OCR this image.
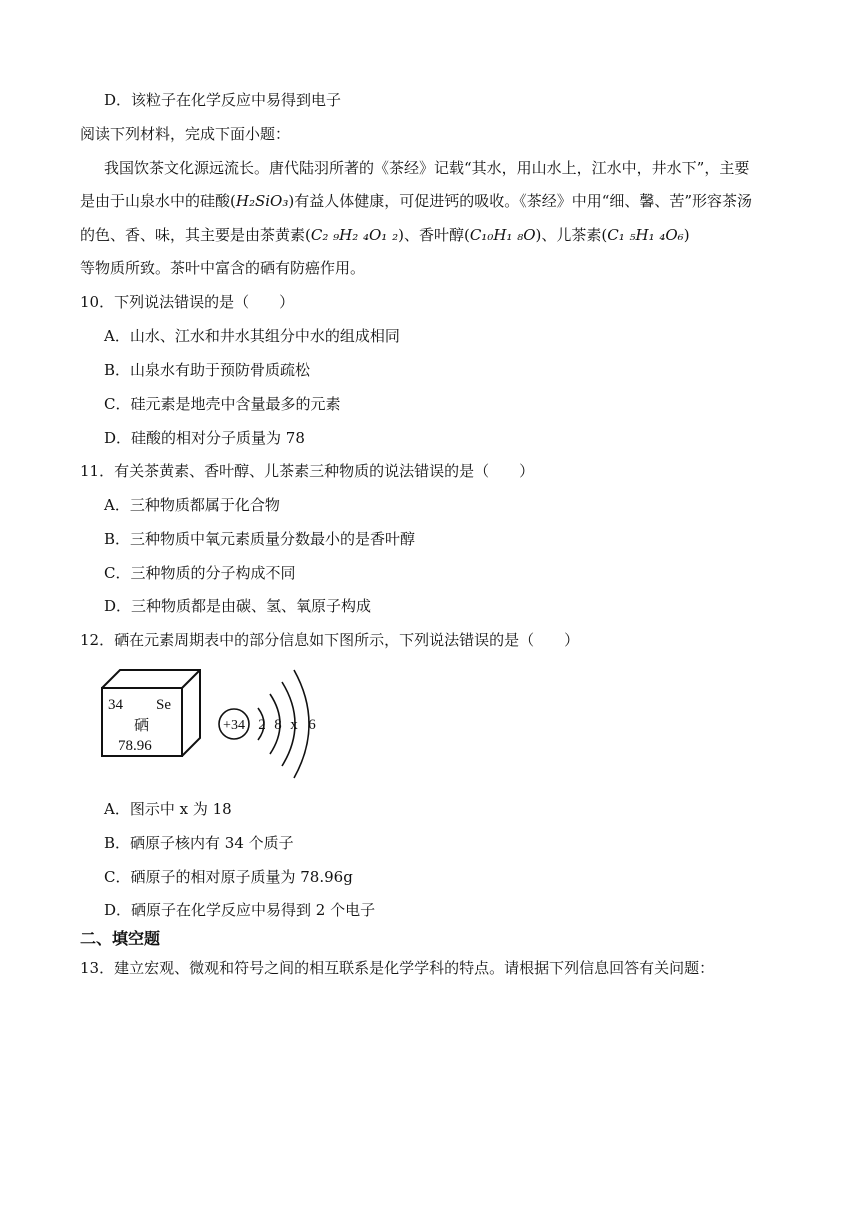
D．该粒子在化学反应中易得到电子
阅读下列材料，完成下面小题：
我国饮茶文化源远流长。唐代陆羽所著的《茶经》记载“其水，用山水上，江水中，井水下”，主要
是由于山泉水中的硅酸(H₂SiO₃)有益人体健康，可促进钙的吸收。《茶经》中用“细、馨、苦”形容茶汤
的色、香、味，其主要是由茶黄素(C₂ ₉H₂ ₄O₁ ₂)、香叶醇(C₁₀H₁ ₈O)、儿茶素(C₁ ₅H₁ ₄O₆)
等物质所致。茶叶中富含的硒有防癌作用。
10．下列说法错误的是（　　）
A．山水、江水和井水其组分中水的组成相同
B．山泉水有助于预防骨质疏松
C．硅元素是地壳中含量最多的元素
D．硅酸的相对分子质量为 78
11．有关茶黄素、香叶醇、儿茶素三种物质的说法错误的是（　　）
A．三种物质都属于化合物
B．三种物质中氧元素质量分数最小的是香叶醇
C．三种物质的分子构成不同
D．三种物质都是由碳、氢、氧原子构成
12．硒在元素周期表中的部分信息如下图所示，下列说法错误的是（　　）
34 Se
硒
78.96
+34 2 8 x 6
A．图示中 x 为 18
B．硒原子核内有 34 个质子
C．硒原子的相对原子质量为 78.96g
D．硒原子在化学反应中易得到 2 个电子
二、填空题
13．建立宏观、微观和符号之间的相互联系是化学学科的特点。请根据下列信息回答有关问题：
